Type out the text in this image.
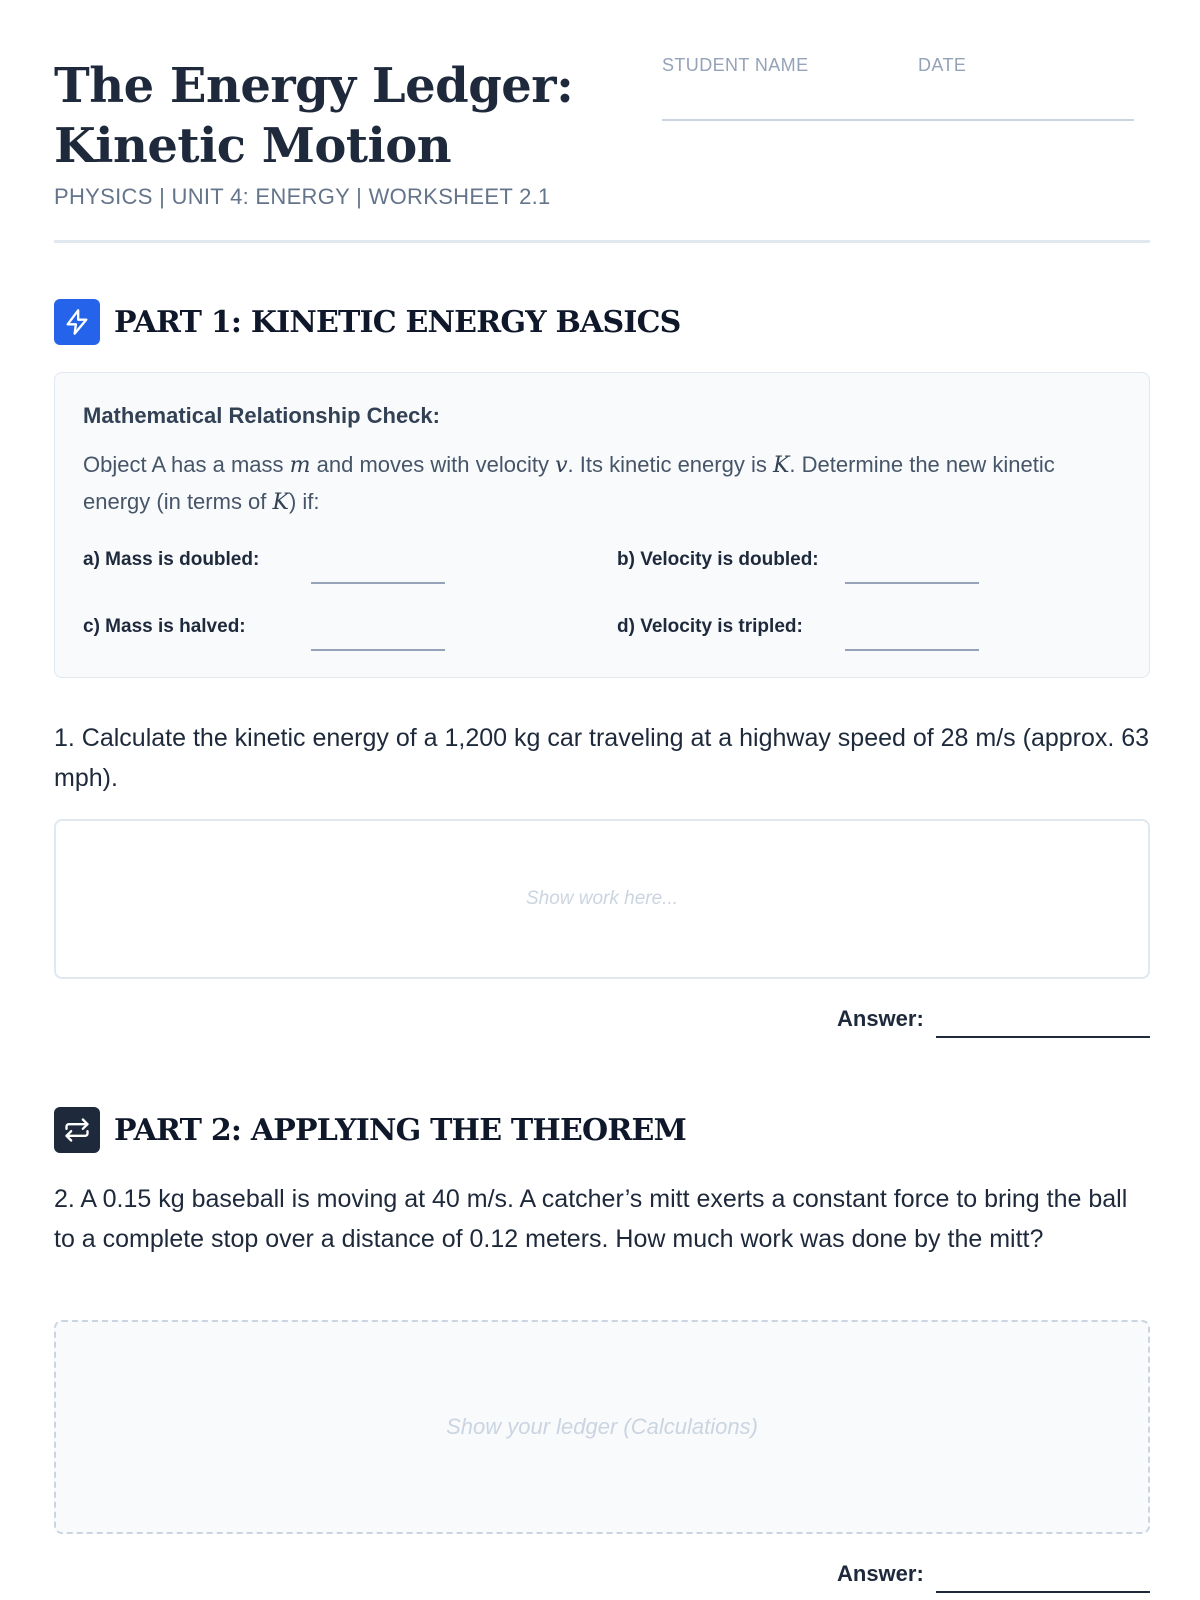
The Energy Ledger: Kinetic Motion
PHYSICS | UNIT 4: ENERGY | WORKSHEET 2.1
STUDENT NAME	DATE
PART 1: KINETIC ENERGY BASICS
Mathematical Relationship Check:
Object A has a mass m and moves with velocity v. Its kinetic energy is K. Determine the new kinetic energy (in terms of K) if:
a) Mass is doubled:	b) Velocity is doubled:
c) Mass is halved:	d) Velocity is tripled:
1. Calculate the kinetic energy of a 1,200 kg car traveling at a highway speed of 28 m/s (approx. 63 mph).
Show work here...
Answer:
PART 2: APPLYING THE THEOREM
2. A 0.15 kg baseball is moving at 40 m/s. A catcher’s mitt exerts a constant force to bring the ball to a complete stop over a distance of 0.12 meters. How much work was done by the mitt?
Show your ledger (Calculations)
Answer:
